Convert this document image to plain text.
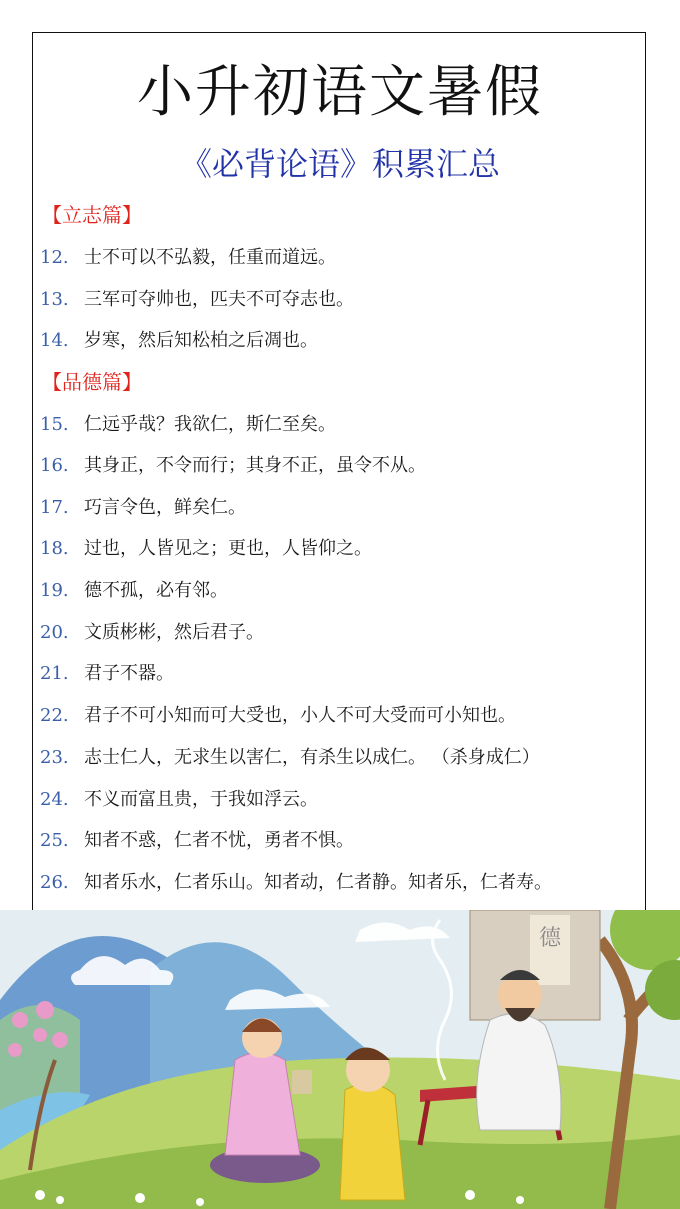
小升初语文暑假
《必背论语》积累汇总
【立志篇】
12. 士不可以不弘毅，任重而道远。
13. 三军可夺帅也，匹夫不可夺志也。
14. 岁寒，然后知松柏之后凋也。
【品德篇】
15. 仁远乎哉？我欲仁，斯仁至矣。
16. 其身正，不令而行；其身不正，虽令不从。
17. 巧言令色，鲜矣仁。
18. 过也，人皆见之；更也，人皆仰之。
19. 德不孤，必有邻。
20. 文质彬彬，然后君子。
21. 君子不器。
22. 君子不可小知而可大受也，小人不可大受而可小知也。
23. 志士仁人，无求生以害仁，有杀生以成仁。 （杀身成仁）
24. 不义而富且贵，于我如浮云。
25. 知者不惑，仁者不忧，勇者不惧。
26. 知者乐水，仁者乐山。知者动，仁者静。知者乐，仁者寿。
德
